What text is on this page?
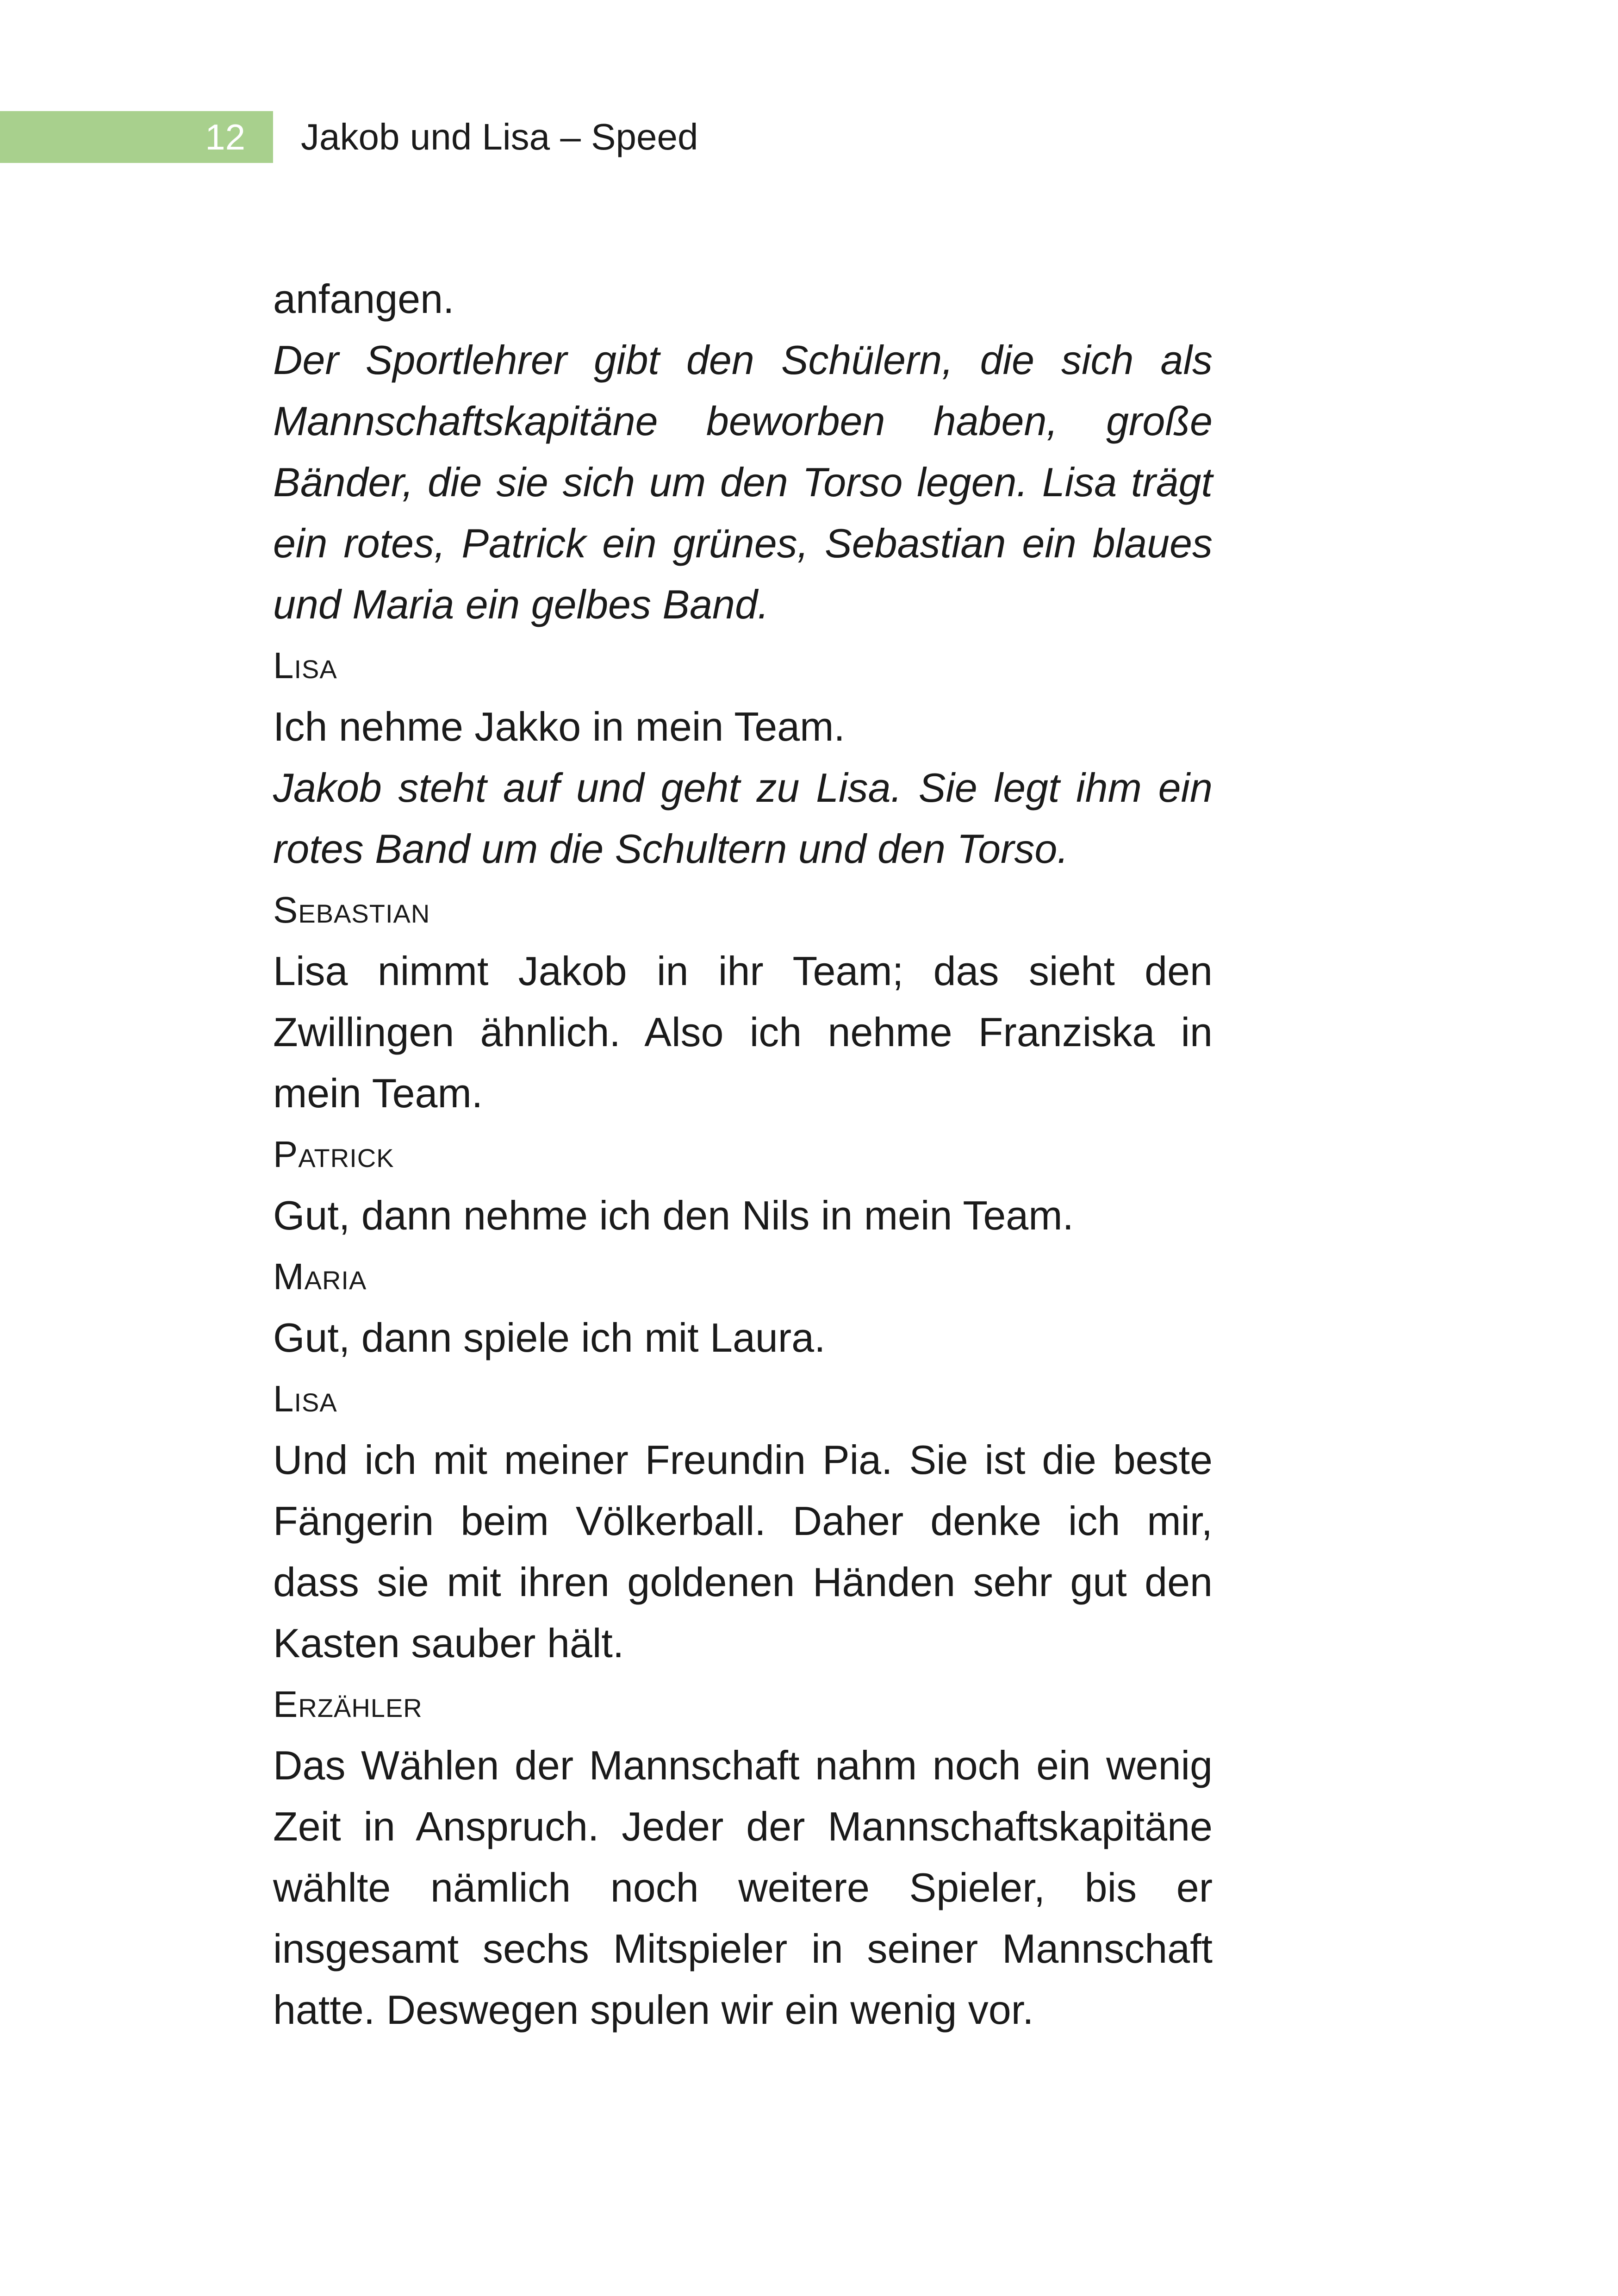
12 Jakob und Lisa – Speed
anfangen.
Der Sportlehrer gibt den Schülern, die sich als Mannschaftskapitäne beworben haben, große Bänder, die sie sich um den Torso legen. Lisa trägt ein rotes, Patrick ein grünes, Sebastian ein blaues und Maria ein gelbes Band.
Lisa
Ich nehme Jakko in mein Team.
Jakob steht auf und geht zu Lisa. Sie legt ihm ein rotes Band um die Schultern und den Torso.
Sebastian
Lisa nimmt Jakob in ihr Team; das sieht den Zwillingen ähnlich. Also ich nehme Franziska in mein Team.
Patrick
Gut, dann nehme ich den Nils in mein Team.
Maria
Gut, dann spiele ich mit Laura.
Lisa
Und ich mit meiner Freundin Pia. Sie ist die beste Fängerin beim Völkerball. Daher denke ich mir, dass sie mit ihren goldenen Händen sehr gut den Kasten sauber hält.
Erzähler
Das Wählen der Mannschaft nahm noch ein wenig Zeit in Anspruch. Jeder der Mannschaftskapitäne wählte nämlich noch weitere Spieler, bis er insgesamt sechs Mitspieler in seiner Mannschaft hatte. Deswegen spulen wir ein wenig vor.
